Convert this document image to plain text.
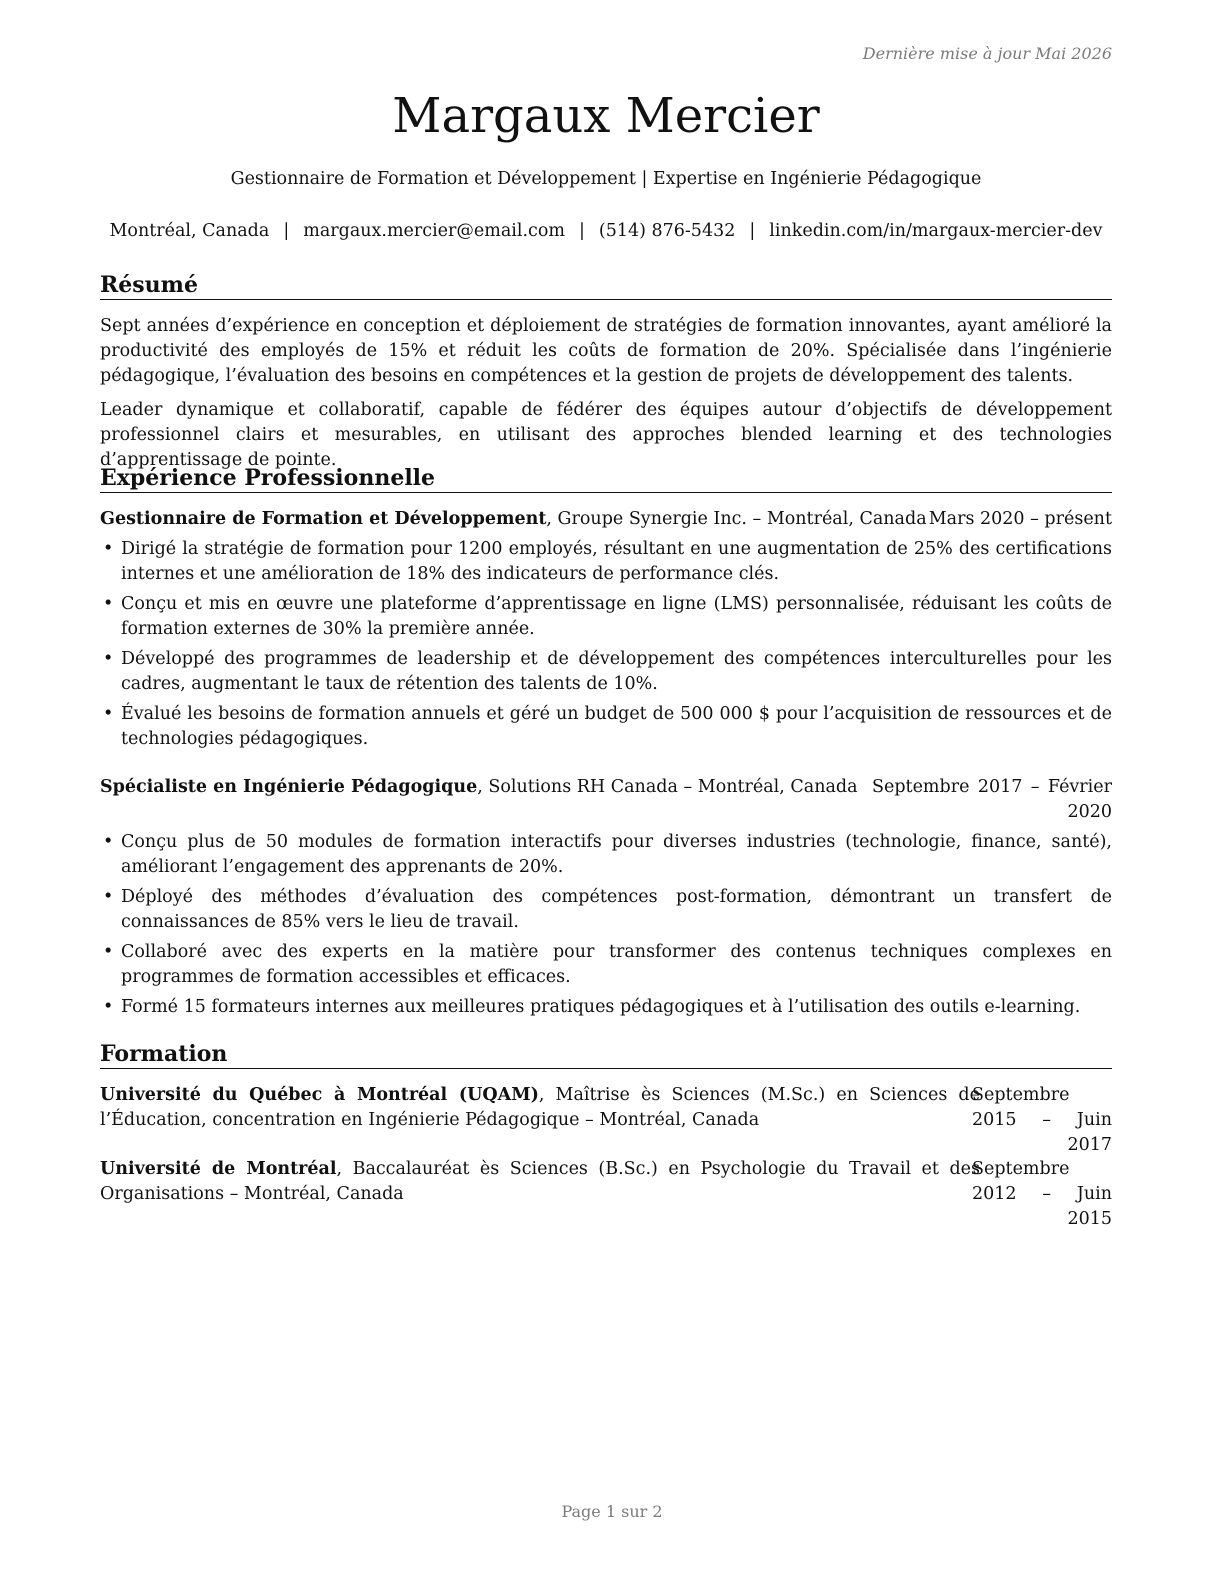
Dernière mise à jour Mai 2026
Margaux Mercier
Gestionnaire de Formation et Développement | Expertise en Ingénierie Pédagogique
Montréal, Canada | margaux.mercier@email.com | (514) 876-5432 | linkedin.com/in/margaux-mercier-dev
Résumé

Sept années d’expérience en conception et déploiement de stratégies de formation innovantes, ayant amélioré la productivité des employés de 15% et réduit les coûts de formation de 20%. Spécialisée dans l’ingénierie pédagogique, l’évaluation des besoins en compétences et la gestion de projets de développement des talents.

Leader dynamique et collaboratif, capable de fédérer des équipes autour d’objectifs de développement professionnel clairs et mesurables, en utilisant des approches blended learning et des technologies d’apprentissage de pointe.

Expérience Professionnelle
Gestionnaire de Formation et Développement, Groupe Synergie Inc. – Montréal, Canada Mars 2020 – présent
• Dirigé la stratégie de formation pour 1200 employés, résultant en une augmentation de 25% des certifications internes et une amélioration de 18% des indicateurs de performance clés.
• Conçu et mis en œuvre une plateforme d’apprentissage en ligne (LMS) personnalisée, réduisant les coûts de formation externes de 30% la première année.
• Développé des programmes de leadership et de développement des compétences interculturelles pour les cadres, augmentant le taux de rétention des talents de 10%.
• Évalué les besoins de formation annuels et géré un budget de 500 000 $ pour l’acquisition de ressources et de technologies pédagogiques.
Spécialiste en Ingénierie Pédagogique, Solutions RH Canada – Montréal, Canada Septembre 2017 – Février
2020
• Conçu plus de 50 modules de formation interactifs pour diverses industries (technologie, finance, santé), améliorant l’engagement des apprenants de 20%.
• Déployé des méthodes d’évaluation des compétences post-formation, démontrant un transfert de connaissances de 85% vers le lieu de travail.
• Collaboré avec des experts en la matière pour transformer des contenus techniques complexes en programmes de formation accessibles et efficaces.
• Formé 15 formateurs internes aux meilleures pratiques pédagogiques et à l’utilisation des outils e-learning.
Formation
Université du Québec à Montréal (UQAM), Maîtrise ès Sciences (M.Sc.) en Sciences de l’Éducation, concentration en Ingénierie Pédagogique – Montréal, Canada
Septembre 2015 – Juin
2017
Université de Montréal, Baccalauréat ès Sciences (B.Sc.) en Psychologie du Travail et des Organisations – Montréal, Canada
Septembre 2012 – Juin
2015
Page 1 sur 2
